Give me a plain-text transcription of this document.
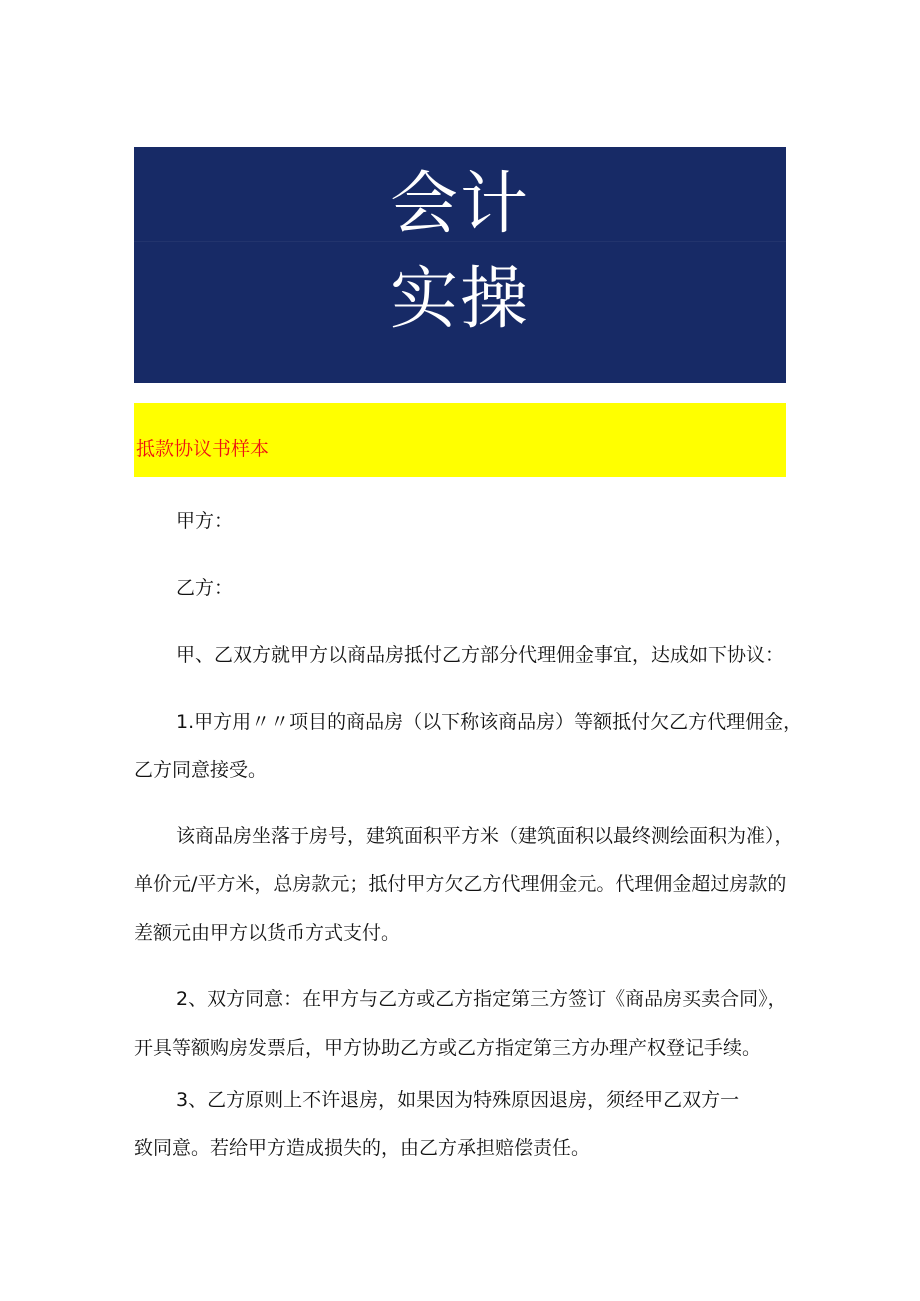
会计
实操
抵款协议书样本
甲方：
乙方：
甲、乙双方就甲方以商品房抵付乙方部分代理佣金事宜，达成如下协议：
1.甲方用〃〃项目的商品房（以下称该商品房）等额抵付欠乙方代理佣金，
乙方同意接受。
该商品房坐落于房号，建筑面积平方米（建筑面积以最终测绘面积为准），
单价元/平方米，总房款元；抵付甲方欠乙方代理佣金元。代理佣金超过房款的
差额元由甲方以货币方式支付。
2、双方同意：在甲方与乙方或乙方指定第三方签订《商品房买卖合同》，
开具等额购房发票后，甲方协助乙方或乙方指定第三方办理产权登记手续。
3、乙方原则上不许退房，如果因为特殊原因退房，须经甲乙双方一
致同意。若给甲方造成损失的，由乙方承担赔偿责任。
